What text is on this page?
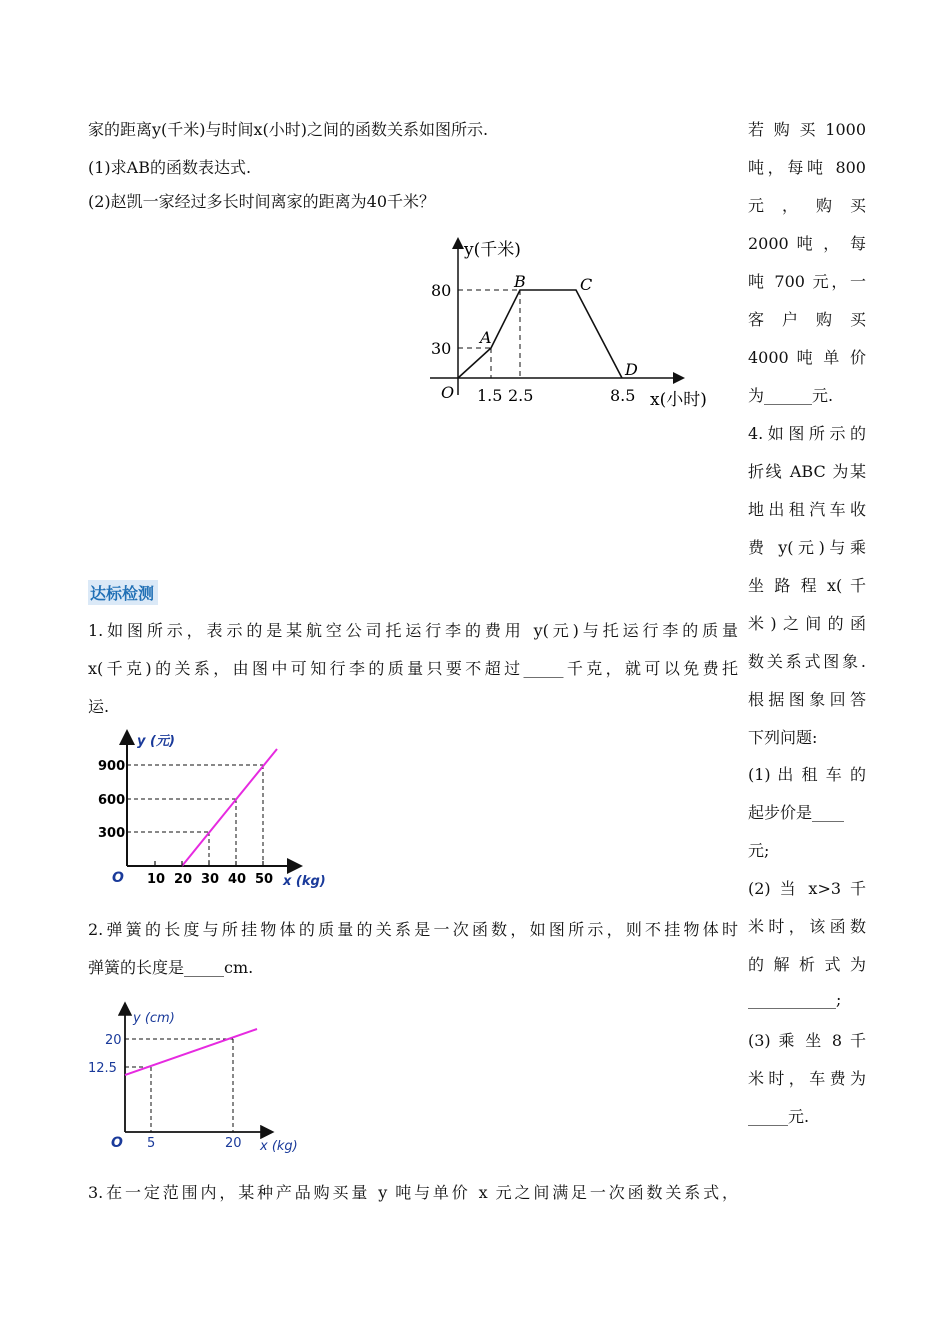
家的距离y(千米)与时间x(小时)之间的函数关系如图所示.
(1)求AB的函数表达式.
(2)赵凯一家经过多长时间离家的距离为40千米？
y(千米)
x(小时)
O
80
30
1.5 2.5	8.5
A
B	C
D
达标检测
1.如图所示，表示的是某航空公司托运行李的费用 y(元)与托运行李的质量
x(千克)的关系，由图中可知行李的质量只要不超过_____千克，就可以免费托
运.
y (元)
x (kg)
O
900
600
300
10 20 30 40 50
2.弹簧的长度与所挂物体的质量的关系是一次函数，如图所示，则不挂物体时
弹簧的长度是_____cm.
y (cm)
x (kg)
O
20
12.5
5	20
3.在一定范围内，某种产品购买量 y 吨与单价 x 元之间满足一次函数关系式，
若 购 买 1000
吨，每吨 800
元 ， 购 买
2000 吨 ， 每
吨 700 元，一
客 户 购 买
4000 吨 单 价
为______元.
4.如图所示的
折线 ABC 为某
地出租汽车收
费 y(元)与乘
坐 路 程 x( 千
米)之间的函
数关系式图象.
根据图象回答
下列问题:
(1) 出 租 车 的
起步价是____
元;
(2) 当 x>3 千
米时，该函数
的 解 析 式 为
___________;
(3) 乘 坐 8 千
米时，车费为
_____元.
